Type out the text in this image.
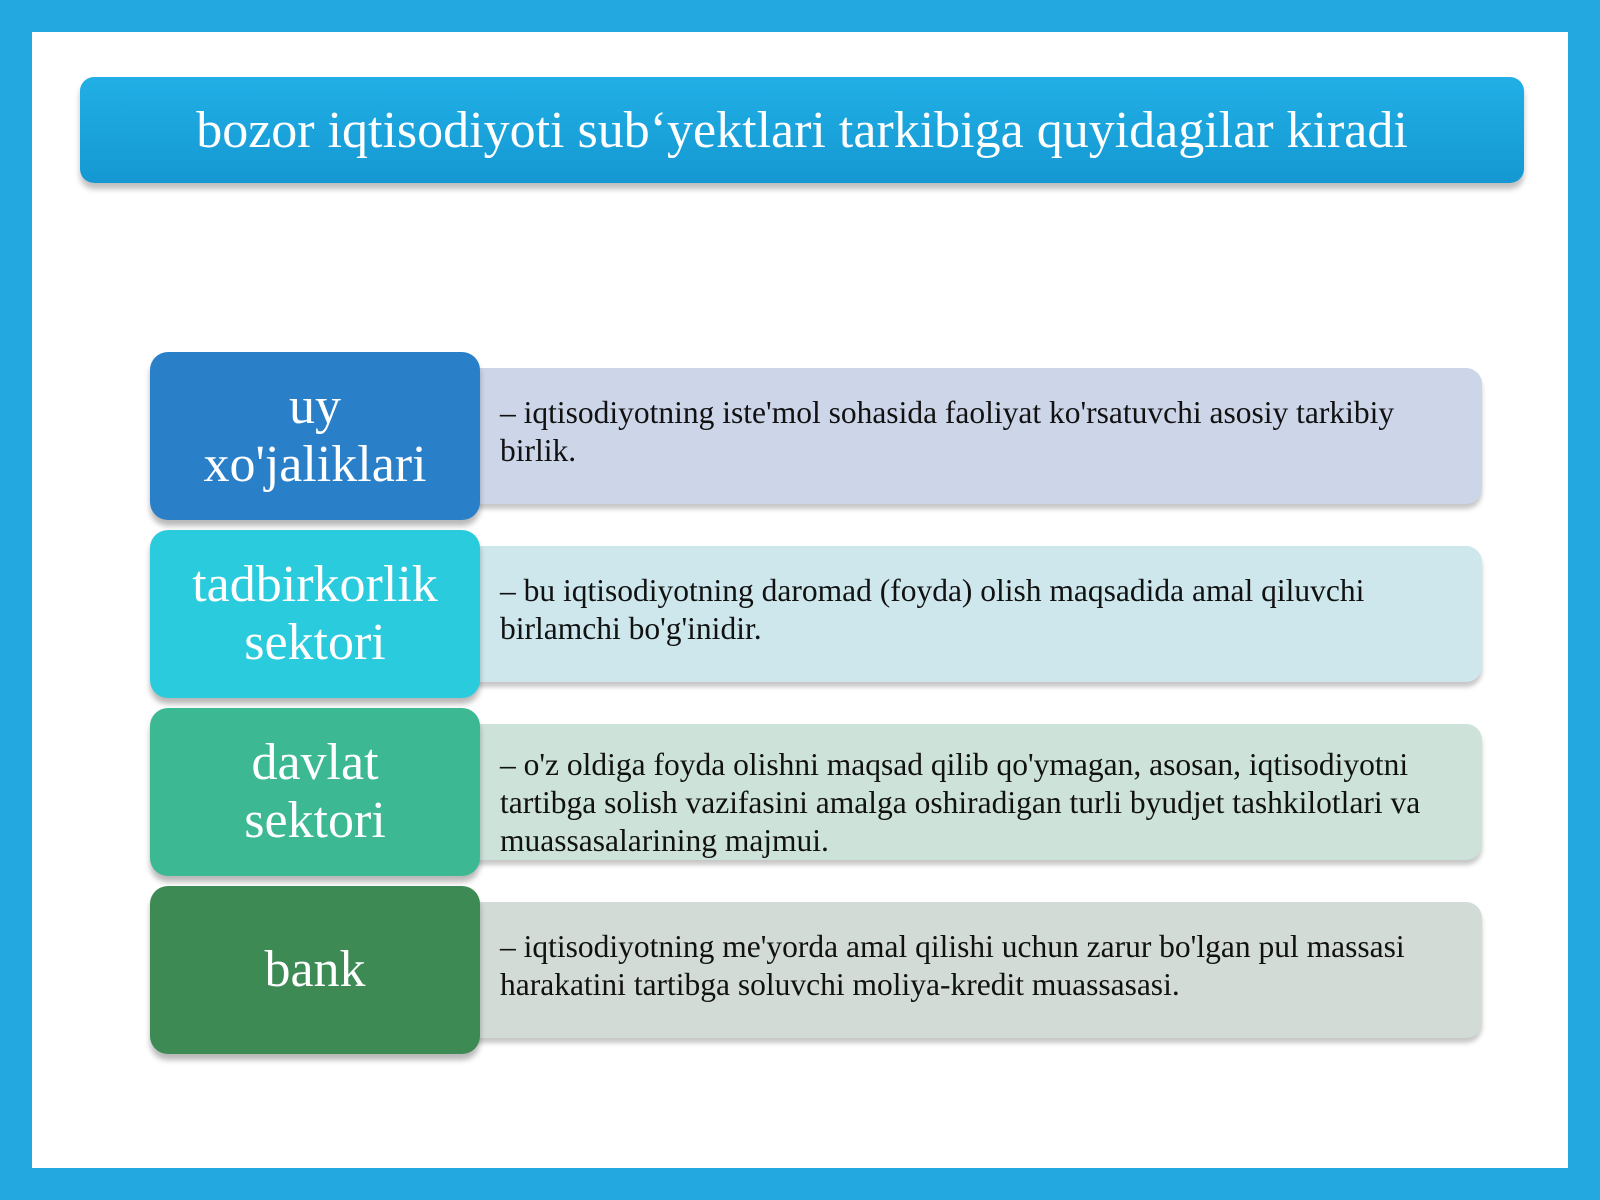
bozor iqtisodiyoti sub‘yektlari tarkibiga quyidagilar kiradi
– iqtisodiyotning iste'mol sohasida faoliyat ko'rsatuvchi asosiy tarkibiy birlik.
uy
xo'jaliklari
– bu iqtisodiyotning daromad (foyda) olish maqsadida amal qiluvchi birlamchi bo'g'inidir.
tadbirkorlik
sektori
– o'z oldiga foyda olishni maqsad qilib qo'ymagan, asosan, iqtisodiyotni tartibga solish vazifasini amalga oshiradigan turli byudjet tashkilotlari va muassasalarining majmui.
davlat
sektori
– iqtisodiyotning me'yorda amal qilishi uchun zarur bo'lgan pul massasi harakatini tartibga soluvchi moliya-kredit muassasasi.
bank
